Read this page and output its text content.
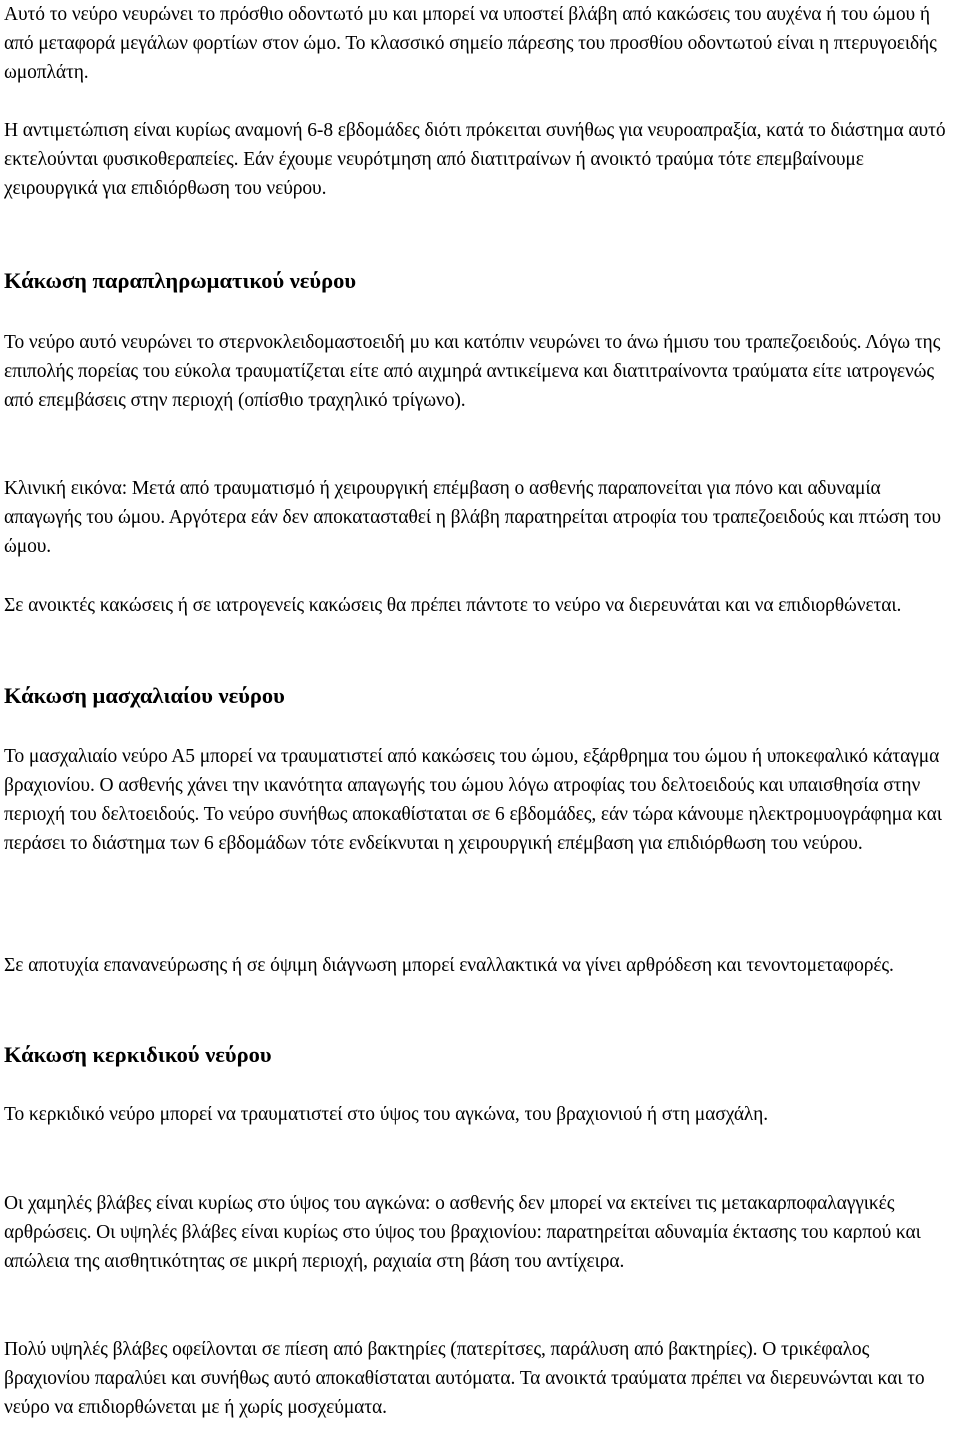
Αυτό το νεύρο νευρώνει το πρόσθιο οδοντωτό μυ και μπορεί να υποστεί βλάβη από κακώσεις του αυχένα ή του ώμου ή από μεταφορά μεγάλων φορτίων στον ώμο. Το κλασσικό σημείο πάρεσης του προσθίου οδοντωτού είναι η πτερυγοειδής ωμοπλάτη.

Η αντιμετώπιση είναι κυρίως αναμονή 6-8 εβδομάδες διότι πρόκειται συνήθως για νευροαπραξία, κατά το διάστημα αυτό εκτελούνται φυσικοθεραπείες. Εάν έχουμε νευρότμηση από διατιτραίνων ή ανοικτό τραύμα τότε επεμβαίνουμε χειρουργικά για επιδιόρθωση του νεύρου.

Κάκωση παραπληρωματικού νεύρου

Το νεύρο αυτό νευρώνει το στερνοκλειδομαστοειδή μυ και κατόπιν νευρώνει το άνω ήμισυ του τραπεζοειδούς. Λόγω της επιπολής πορείας του εύκολα τραυματίζεται είτε από αιχμηρά αντικείμενα και διατιτραίνοντα τραύματα είτε ιατρογενώς από επεμβάσεις στην περιοχή (οπίσθιο τραχηλικό τρίγωνο).

Κλινική εικόνα: Μετά από τραυματισμό ή χειρουργική επέμβαση ο ασθενής παραπονείται για πόνο και αδυναμία απαγωγής του ώμου. Αργότερα εάν δεν αποκατασταθεί η βλάβη παρατηρείται ατροφία του τραπεζοειδούς και πτώση του ώμου.

Σε ανοικτές κακώσεις ή σε ιατρογενείς κακώσεις θα πρέπει πάντοτε το νεύρο να διερευνάται και να επιδιορθώνεται.

Κάκωση μασχαλιαίου νεύρου

Το μασχαλιαίο νεύρο Α5 μπορεί να τραυματιστεί από κακώσεις του ώμου, εξάρθρημα του ώμου ή υποκεφαλικό κάταγμα βραχιονίου. Ο ασθενής χάνει την ικανότητα απαγωγής του ώμου λόγω ατροφίας του δελτοειδούς και υπαισθησία στην περιοχή του δελτοειδούς. Το νεύρο συνήθως αποκαθίσταται σε 6 εβδομάδες, εάν τώρα κάνουμε ηλεκτρομυογράφημα και περάσει το διάστημα των 6 εβδομάδων τότε ενδείκνυται η χειρουργική επέμβαση για επιδιόρθωση του νεύρου.

Σε αποτυχία επανανεύρωσης ή σε όψιμη διάγνωση μπορεί εναλλακτικά να γίνει αρθρόδεση και τενοντομεταφορές.

Κάκωση κερκιδικού νεύρου

Το κερκιδικό νεύρο μπορεί να τραυματιστεί στο ύψος του αγκώνα, του βραχιονιού ή στη μασχάλη.

Οι χαμηλές βλάβες είναι κυρίως στο ύψος του αγκώνα: ο ασθενής δεν μπορεί να εκτείνει τις μετακαρποφαλαγγικές αρθρώσεις. Οι υψηλές βλάβες είναι κυρίως στο ύψος του βραχιονίου: παρατηρείται αδυναμία έκτασης του καρπού και απώλεια της αισθητικότητας σε μικρή περιοχή, ραχιαία στη βάση του αντίχειρα.

Πολύ υψηλές βλάβες οφείλονται σε πίεση από βακτηρίες (πατερίτσες, παράλυση από βακτηρίες). Ο τρικέφαλος βραχιονίου παραλύει και συνήθως αυτό αποκαθίσταται αυτόματα. Τα ανοικτά τραύματα πρέπει να διερευνώνται και το νεύρο να επιδιορθώνεται με ή χωρίς μοσχεύματα.
